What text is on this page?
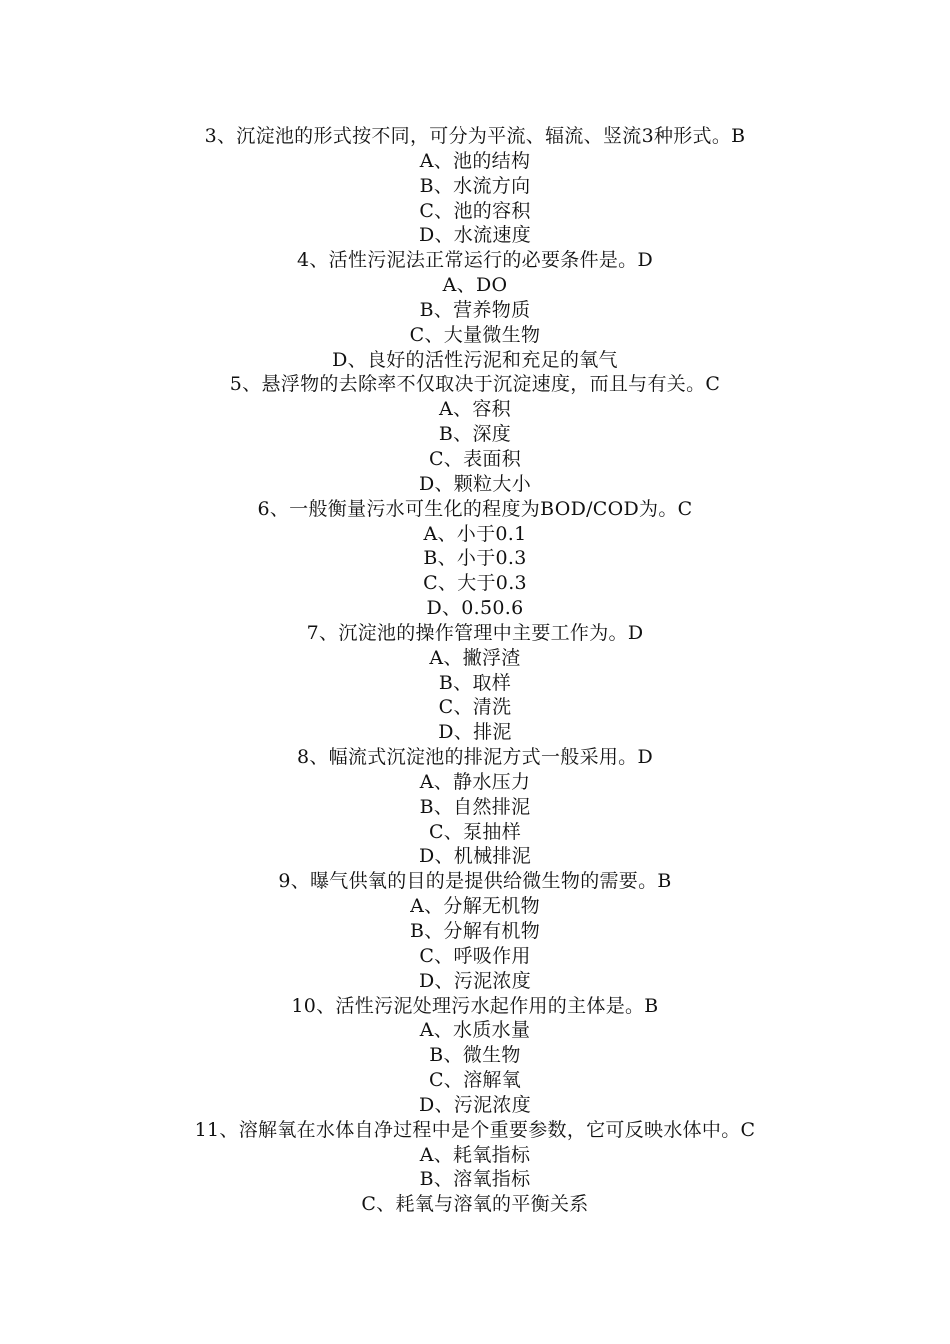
3、沉淀池的形式按不同，可分为平流、辐流、竖流3种形式。B
A、池的结构
B、水流方向
C、池的容积
D、水流速度
4、活性污泥法正常运行的必要条件是。D
A、DO
B、营养物质
C、大量微生物
D、良好的活性污泥和充足的氧气
5、悬浮物的去除率不仅取决于沉淀速度，而且与有关。C
A、容积
B、深度
C、表面积
D、颗粒大小
6、一般衡量污水可生化的程度为BOD/COD为。C
A、小于0.1
B、小于0.3
C、大于0.3
D、0.5̄0.6
7、沉淀池的操作管理中主要工作为。D
A、撇浮渣
B、取样
C、清洗
D、排泥
8、幅流式沉淀池的排泥方式一般采用。D
A、静水压力
B、自然排泥
C、泵抽样
D、机械排泥
9、曝气供氧的目的是提供给微生物的需要。B
A、分解无机物
B、分解有机物
C、呼吸作用
D、污泥浓度
10、活性污泥处理污水起作用的主体是。B
A、水质水量
B、微生物
C、溶解氧
D、污泥浓度
11、溶解氧在水体自净过程中是个重要参数，它可反映水体中。C
A、耗氧指标
B、溶氧指标
C、耗氧与溶氧的平衡关系
